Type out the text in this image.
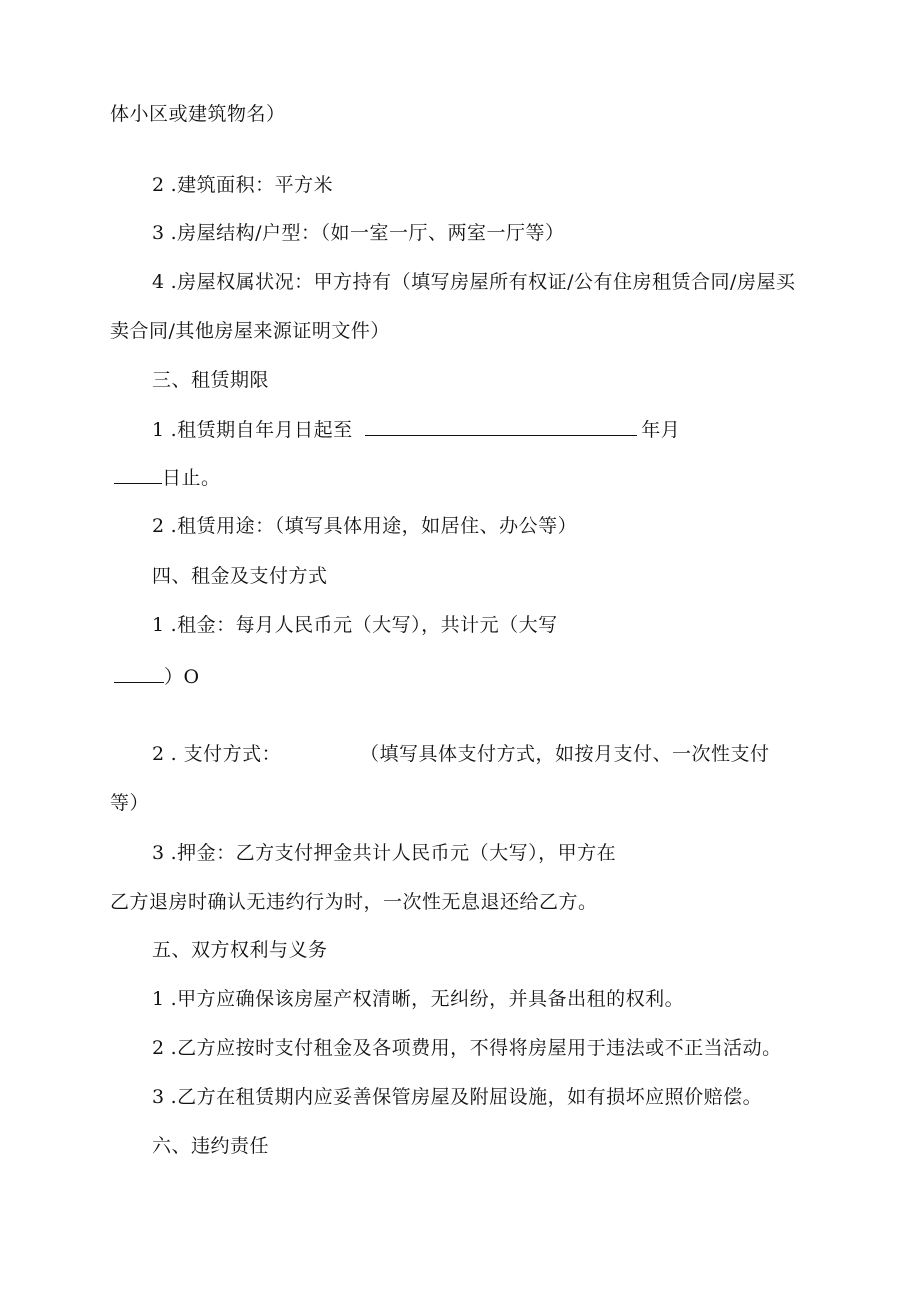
体小区或建筑物名）
2 .建筑面积：平方米
3 .房屋结构/户型：（如一室一厅、两室一厅等）
4 .房屋权属状况：甲方持有（填写房屋所有权证/公有住房租赁合同/房屋买
卖合同/其他房屋来源证明文件）
三、租赁期限
1 .租赁期自年月日起至	年月
日止。
2 .租赁用途：（填写具体用途，如居住、办公等）
四、租金及支付方式
1 .租金：每月人民币元（大写），共计元（大写
）O
2 . 支付方式：	（填写具体支付方式，如按月支付、一次性支付
等）
3 .押金：乙方支付押金共计人民币元（大写），甲方在
乙方退房时确认无违约行为时，一次性无息退还给乙方。
五、双方权利与义务
1 .甲方应确保该房屋产权清晰，无纠纷，并具备出租的权利。
2 .乙方应按时支付租金及各项费用，不得将房屋用于违法或不正当活动。
3 .乙方在租赁期内应妥善保管房屋及附屈设施，如有损坏应照价赔偿。
六、违约责任
